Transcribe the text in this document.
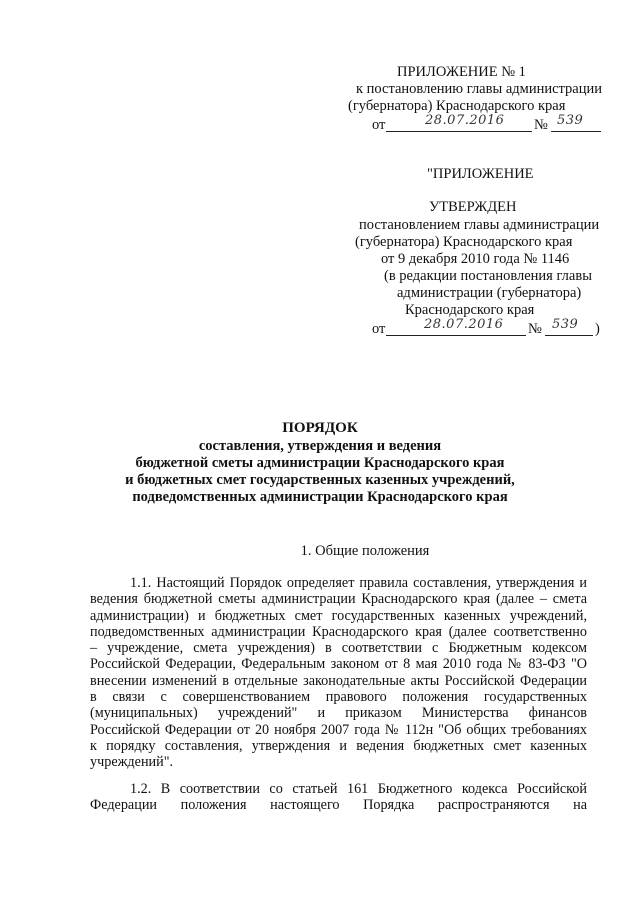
ПРИЛОЖЕНИЕ № 1
к постановлению главы администрации
(губернатора) Краснодарского края
от	28.07.2016 № 539
"ПРИЛОЖЕНИЕ
УТВЕРЖДЕН
постановлением главы администрации
(губернатора) Краснодарского края
от 9 декабря 2010 года № 1146
(в редакции постановления главы
администрации (губернатора)
Краснодарского края
от	28.07.2016 № 539 )
ПОРЯДОК
составления, утверждения и ведения
бюджетной сметы администрации Краснодарского края
и бюджетных смет государственных казенных учреждений,
подведомственных администрации Краснодарского края
1. Общие положения
1.1. Настоящий Порядок определяет правила составления, утверждения и
ведения бюджетной сметы администрации Краснодарского края (далее – смета
администрации) и бюджетных смет государственных казенных учреждений,
подведомственных администрации Краснодарского края (далее соответственно
– учреждение, смета учреждения) в соответствии с Бюджетным кодексом
Российской Федерации, Федеральным законом от 8 мая 2010 года № 83-ФЗ "О
внесении изменений в отдельные законодательные акты Российской Федерации
в связи с совершенствованием правового положения государственных
(муниципальных) учреждений" и приказом Министерства финансов
Российской Федерации от 20 ноября 2007 года № 112н "Об общих требованиях
к порядку составления, утверждения и ведения бюджетных смет казенных
учреждений".
1.2. В соответствии со статьей 161 Бюджетного кодекса Российской
Федерации положения настоящего Порядка распространяются на
